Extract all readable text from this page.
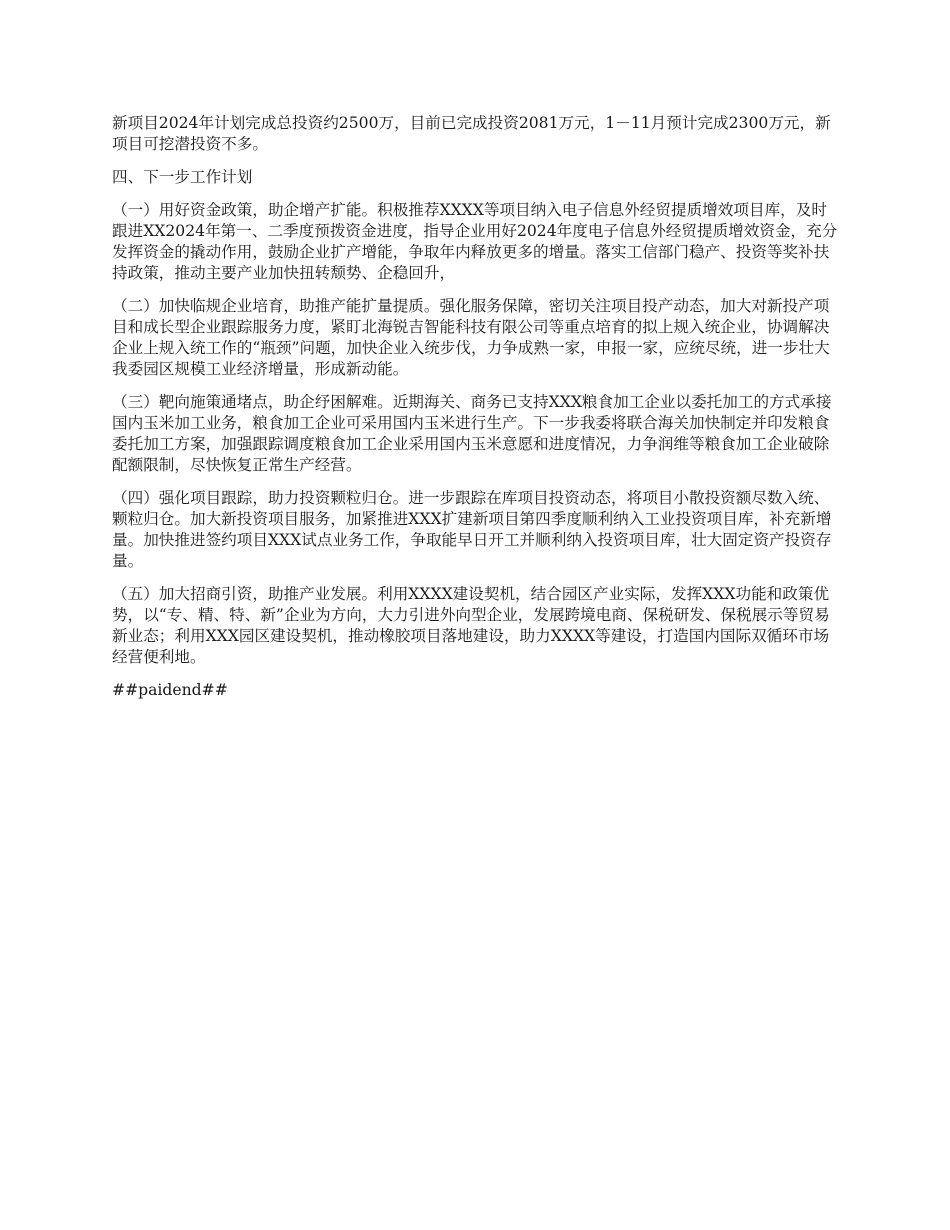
新项目2024年计划完成总投资约2500万，目前已完成投资2081万元，1－11月预计完成2300万元，新项目可挖潜投资不多。

四、下一步工作计划

（一）用好资金政策，助企增产扩能。积极推荐XXXX等项目纳入电子信息外经贸提质增效项目库，及时跟进XX2024年第一、二季度预拨资金进度，指导企业用好2024年度电子信息外经贸提质增效资金，充分发挥资金的撬动作用，鼓励企业扩产增能，争取年内释放更多的增量。落实工信部门稳产、投资等奖补扶持政策，推动主要产业加快扭转颓势、企稳回升，

（二）加快临规企业培育，助推产能扩量提质。强化服务保障，密切关注项目投产动态，加大对新投产项目和成长型企业跟踪服务力度，紧盯北海锐吉智能科技有限公司等重点培育的拟上规入统企业，协调解决企业上规入统工作的“瓶颈”问题，加快企业入统步伐，力争成熟一家，申报一家，应统尽统，进一步壮大我委园区规模工业经济增量，形成新动能。

（三）靶向施策通堵点，助企纾困解难。近期海关、商务已支持XXX粮食加工企业以委托加工的方式承接国内玉米加工业务，粮食加工企业可采用国内玉米进行生产。下一步我委将联合海关加快制定并印发粮食委托加工方案，加强跟踪调度粮食加工企业采用国内玉米意愿和进度情况，力争润维等粮食加工企业破除配额限制，尽快恢复正常生产经营。

（四）强化项目跟踪，助力投资颗粒归仓。进一步跟踪在库项目投资动态，将项目小散投资额尽数入统、颗粒归仓。加大新投资项目服务，加紧推进XXX扩建新项目第四季度顺利纳入工业投资项目库，补充新增量。加快推进签约项目XXX试点业务工作，争取能早日开工并顺利纳入投资项目库，壮大固定资产投资存量。

（五）加大招商引资，助推产业发展。利用XXXX建设契机，结合园区产业实际，发挥XXX功能和政策优势，以“专、精、特、新”企业为方向，大力引进外向型企业，发展跨境电商、保税研发、保税展示等贸易新业态；利用XXX园区建设契机，推动橡胶项目落地建设，助力XXXX等建设，打造国内国际双循环市场经营便利地。

##paidend##
